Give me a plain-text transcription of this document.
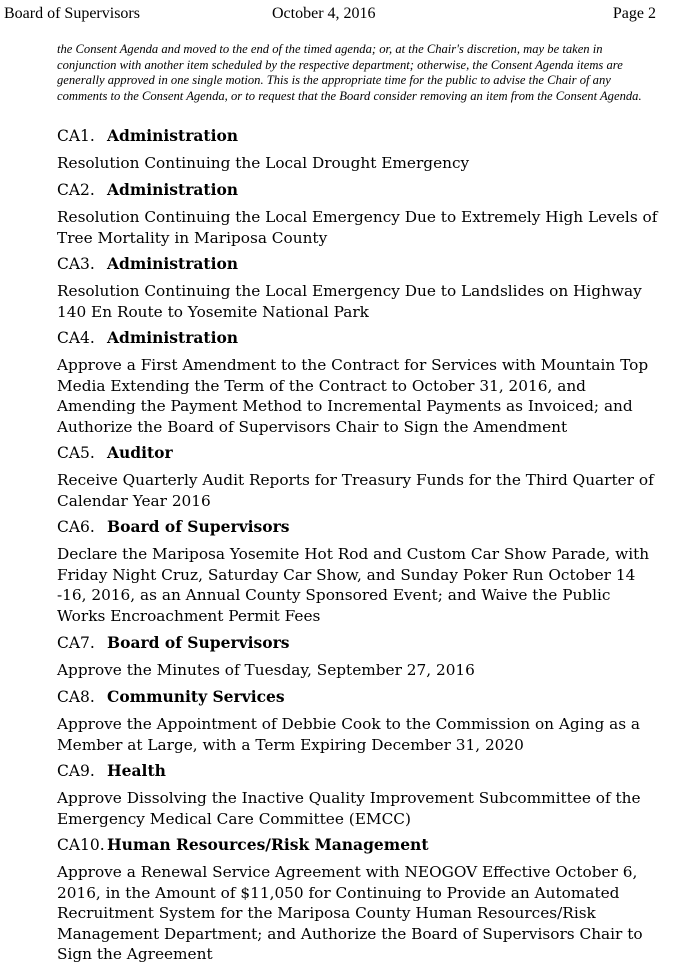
Board of Supervisors	October 4, 2016	Page 2

the Consent Agenda and moved to the end of the timed agenda; or, at the Chair's discretion, may be taken in conjunction with another item scheduled by the respective department; otherwise, the Consent Agenda items are generally approved in one single motion. This is the appropriate time for the public to advise the Chair of any comments to the Consent Agenda, or to request that the Board consider removing an item from the Consent Agenda.

CA1. Administration
Resolution Continuing the Local Drought Emergency
CA2. Administration
Resolution Continuing the Local Emergency Due to Extremely High Levels of Tree Mortality in Mariposa County
CA3. Administration
Resolution Continuing the Local Emergency Due to Landslides on Highway 140 En Route to Yosemite National Park
CA4. Administration
Approve a First Amendment to the Contract for Services with Mountain Top Media Extending the Term of the Contract to October 31, 2016, and Amending the Payment Method to Incremental Payments as Invoiced; and Authorize the Board of Supervisors Chair to Sign the Amendment
CA5. Auditor
Receive Quarterly Audit Reports for Treasury Funds for the Third Quarter of Calendar Year 2016
CA6. Board of Supervisors
Declare the Mariposa Yosemite Hot Rod and Custom Car Show Parade, with Friday Night Cruz, Saturday Car Show, and Sunday Poker Run October 14 -16, 2016, as an Annual County Sponsored Event; and Waive the Public Works Encroachment Permit Fees
CA7. Board of Supervisors
Approve the Minutes of Tuesday, September 27, 2016
CA8. Community Services
Approve the Appointment of Debbie Cook to the Commission on Aging as a Member at Large, with a Term Expiring December 31, 2020
CA9. Health
Approve Dissolving the Inactive Quality Improvement Subcommittee of the Emergency Medical Care Committee (EMCC)
CA10. Human Resources/Risk Management
Approve a Renewal Service Agreement with NEOGOV Effective October 6, 2016, in the Amount of $11,050 for Continuing to Provide an Automated Recruitment System for the Mariposa County Human Resources/Risk Management Department; and Authorize the Board of Supervisors Chair to Sign the Agreement
